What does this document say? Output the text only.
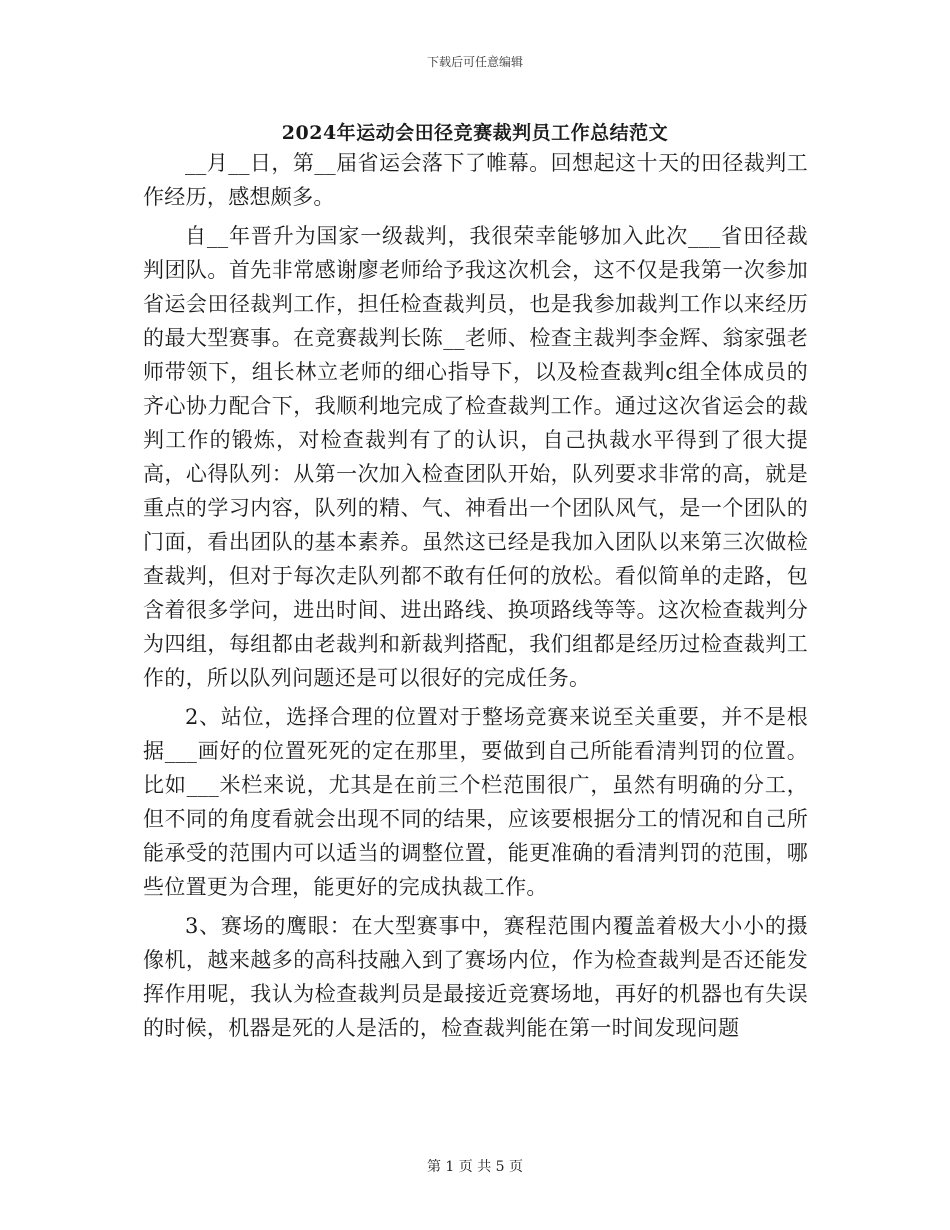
下载后可任意编辑
2024年运动会田径竞赛裁判员工作总结范文

__月__日，第__届省运会落下了帷幕。回想起这十天的田径裁判工作经历，感想颇多。

自__年晋升为国家一级裁判，我很荣幸能够加入此次___省田径裁判团队。首先非常感谢廖老师给予我这次机会，这不仅是我第一次参加省运会田径裁判工作，担任检查裁判员，也是我参加裁判工作以来经历的最大型赛事。在竞赛裁判长陈__老师、检查主裁判李金辉、翁家强老师带领下，组长林立老师的细心指导下，以及检查裁判c组全体成员的齐心协力配合下，我顺利地完成了检查裁判工作。通过这次省运会的裁判工作的锻炼，对检查裁判有了的认识，自己执裁水平得到了很大提高，心得队列：从第一次加入检查团队开始，队列要求非常的高，就是重点的学习内容，队列的精、气、神看出一个团队风气，是一个团队的门面，看出团队的基本素养。虽然这已经是我加入团队以来第三次做检查裁判，但对于每次走队列都不敢有任何的放松。看似简单的走路，包含着很多学问，进出时间、进出路线、换项路线等等。这次检查裁判分为四组，每组都由老裁判和新裁判搭配，我们组都是经历过检查裁判工作的，所以队列问题还是可以很好的完成任务。

2、站位，选择合理的位置对于整场竞赛来说至关重要，并不是根据___画好的位置死死的定在那里，要做到自己所能看清判罚的位置。比如___米栏来说，尤其是在前三个栏范围很广，虽然有明确的分工，但不同的角度看就会出现不同的结果，应该要根据分工的情况和自己所能承受的范围内可以适当的调整位置，能更准确的看清判罚的范围，哪些位置更为合理，能更好的完成执裁工作。

3、赛场的鹰眼：在大型赛事中，赛程范围内覆盖着极大小小的摄像机，越来越多的高科技融入到了赛场内位，作为检查裁判是否还能发挥作用呢，我认为检查裁判员是最接近竞赛场地，再好的机器也有失误的时候，机器是死的人是活的，检查裁判能在第一时间发现问题

第 1 页 共 5 页
